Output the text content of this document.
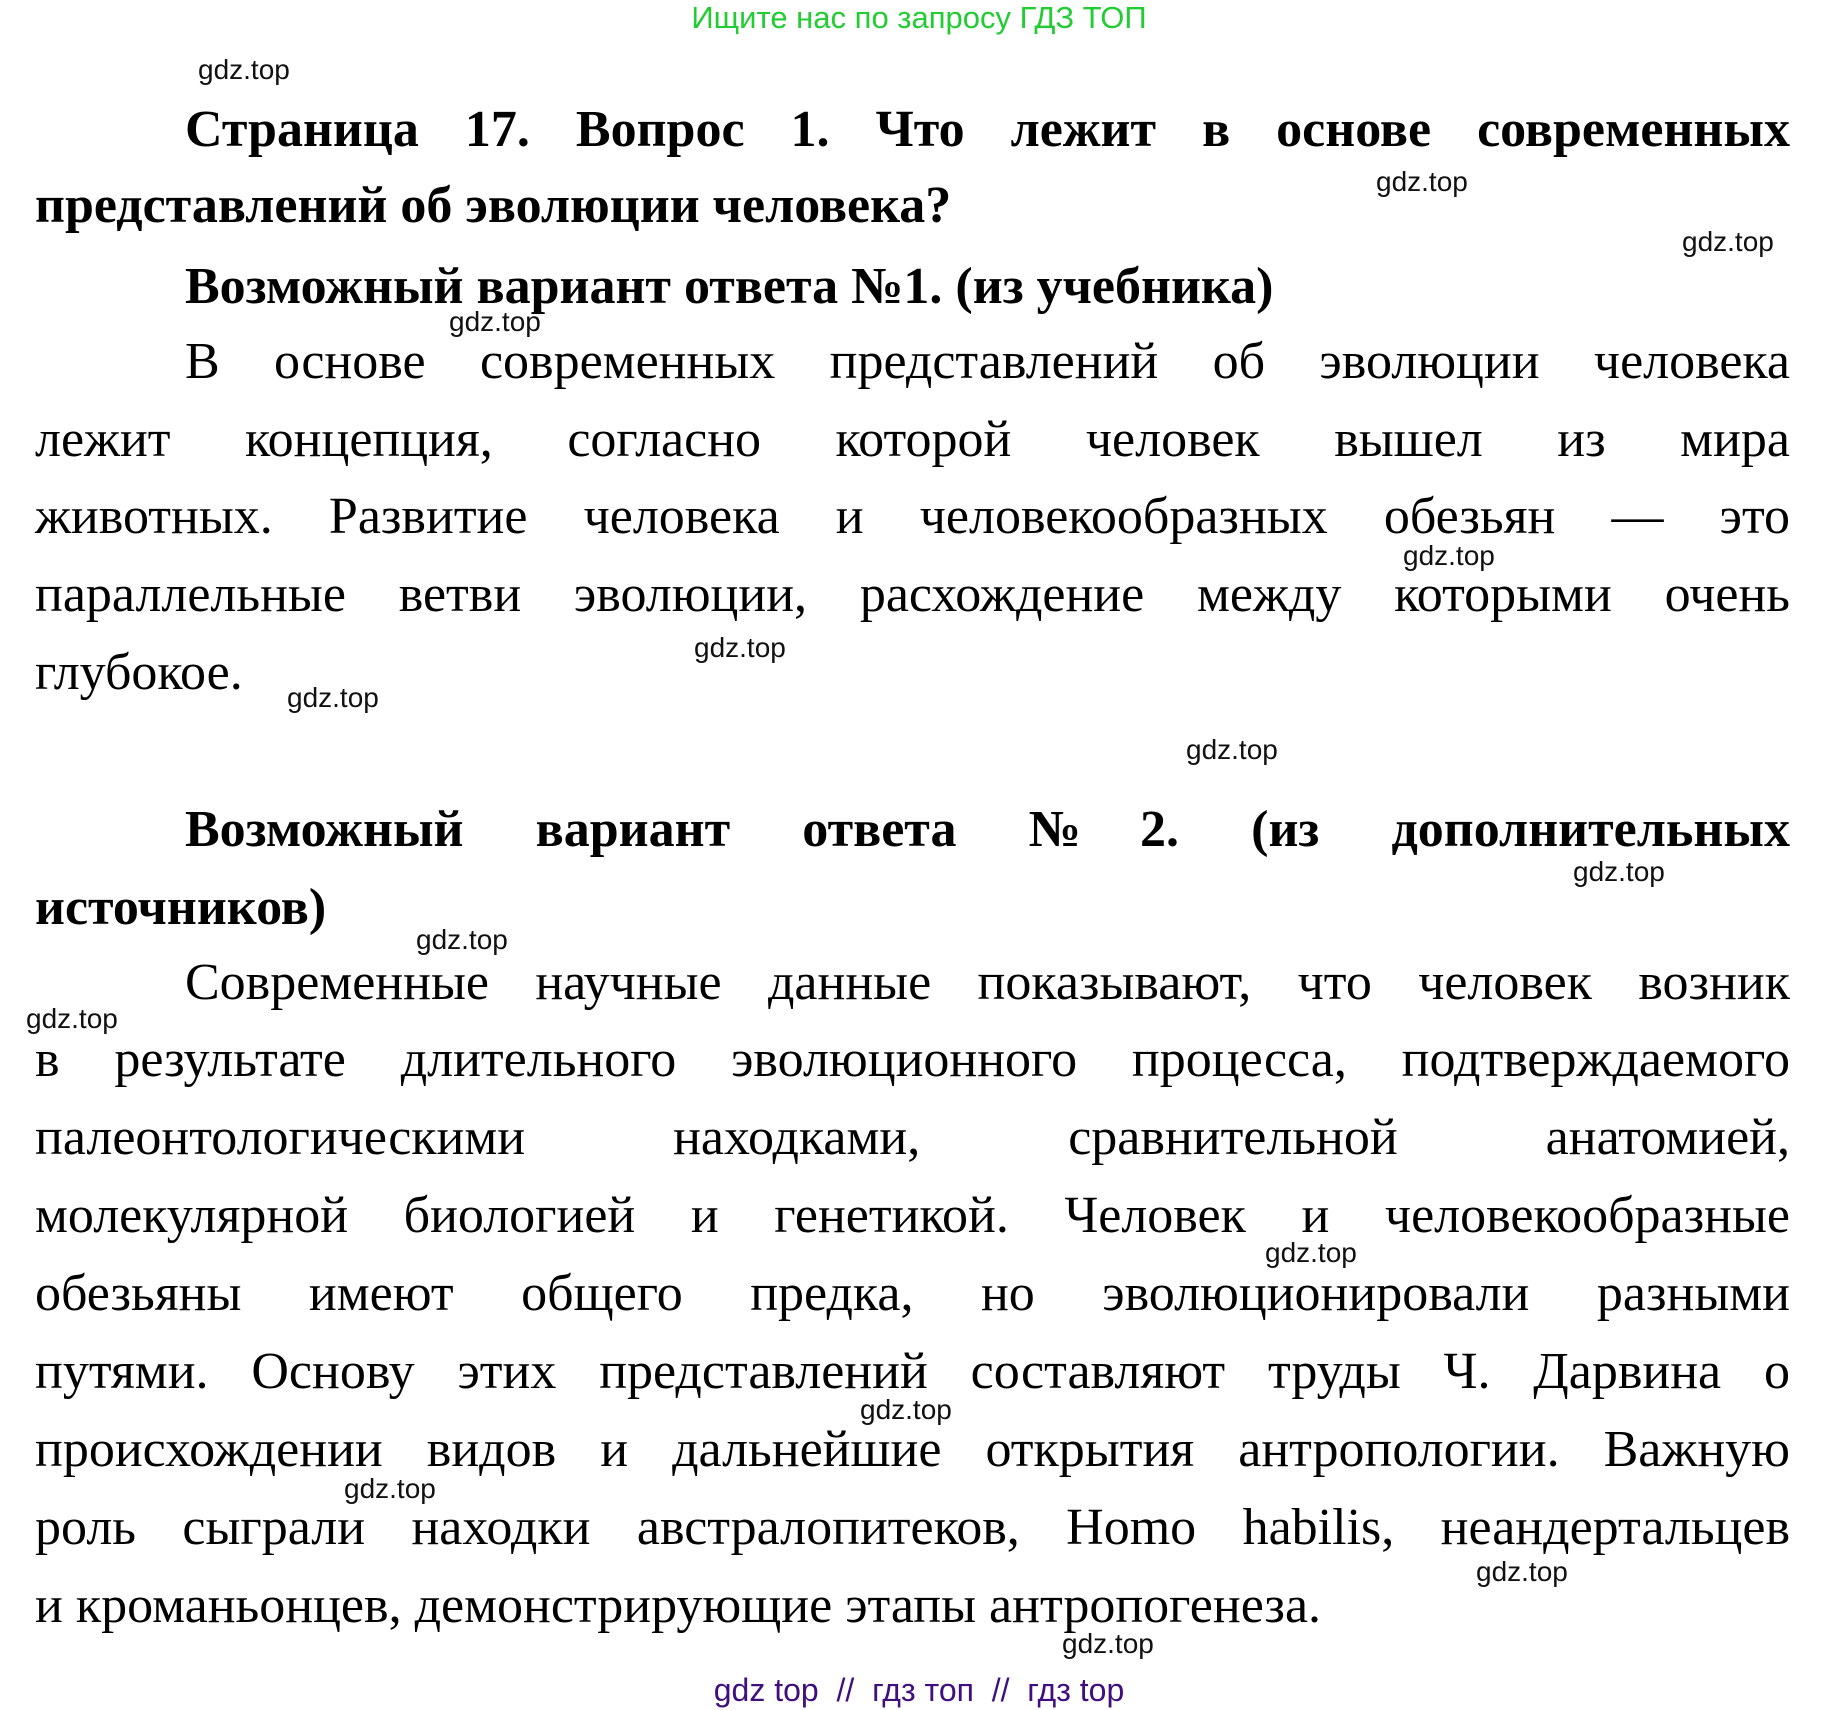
Ищите нас по запросу ГДЗ ТОП
Страница 17. Вопрос 1. Что лежит в основе современных
представлений об эволюции человека?
Возможный вариант ответа №1. (из учебника)
В основе современных представлений об эволюции человека
лежит концепция, согласно которой человек вышел из мира
животных. Развитие человека и человекообразных обезьян — это
параллельные ветви эволюции, расхождение между которыми очень
глубокое.
Возможный вариант ответа №2. (из дополнительных
источников)
Современные научные данные показывают, что человек возник
в результате длительного эволюционного процесса, подтверждаемого
палеонтологическими находками, сравнительной анатомией,
молекулярной биологией и генетикой. Человек и человекообразные
обезьяны имеют общего предка, но эволюционировали разными
путями. Основу этих представлений составляют труды Ч. Дарвина о
происхождении видов и дальнейшие открытия антропологии. Важную
роль сыграли находки австралопитеков, Homo habilis, неандертальцев
и кроманьонцев, демонстрирующие этапы антропогенеза.
gdz.top
gdz.top
gdz.top
gdz.top
gdz.top
gdz.top
gdz.top
gdz.top
gdz.top
gdz.top
gdz.top
gdz.top
gdz.top
gdz.top
gdz.top
gdz.top
gdz top  //  гдз топ  //  гдз top
